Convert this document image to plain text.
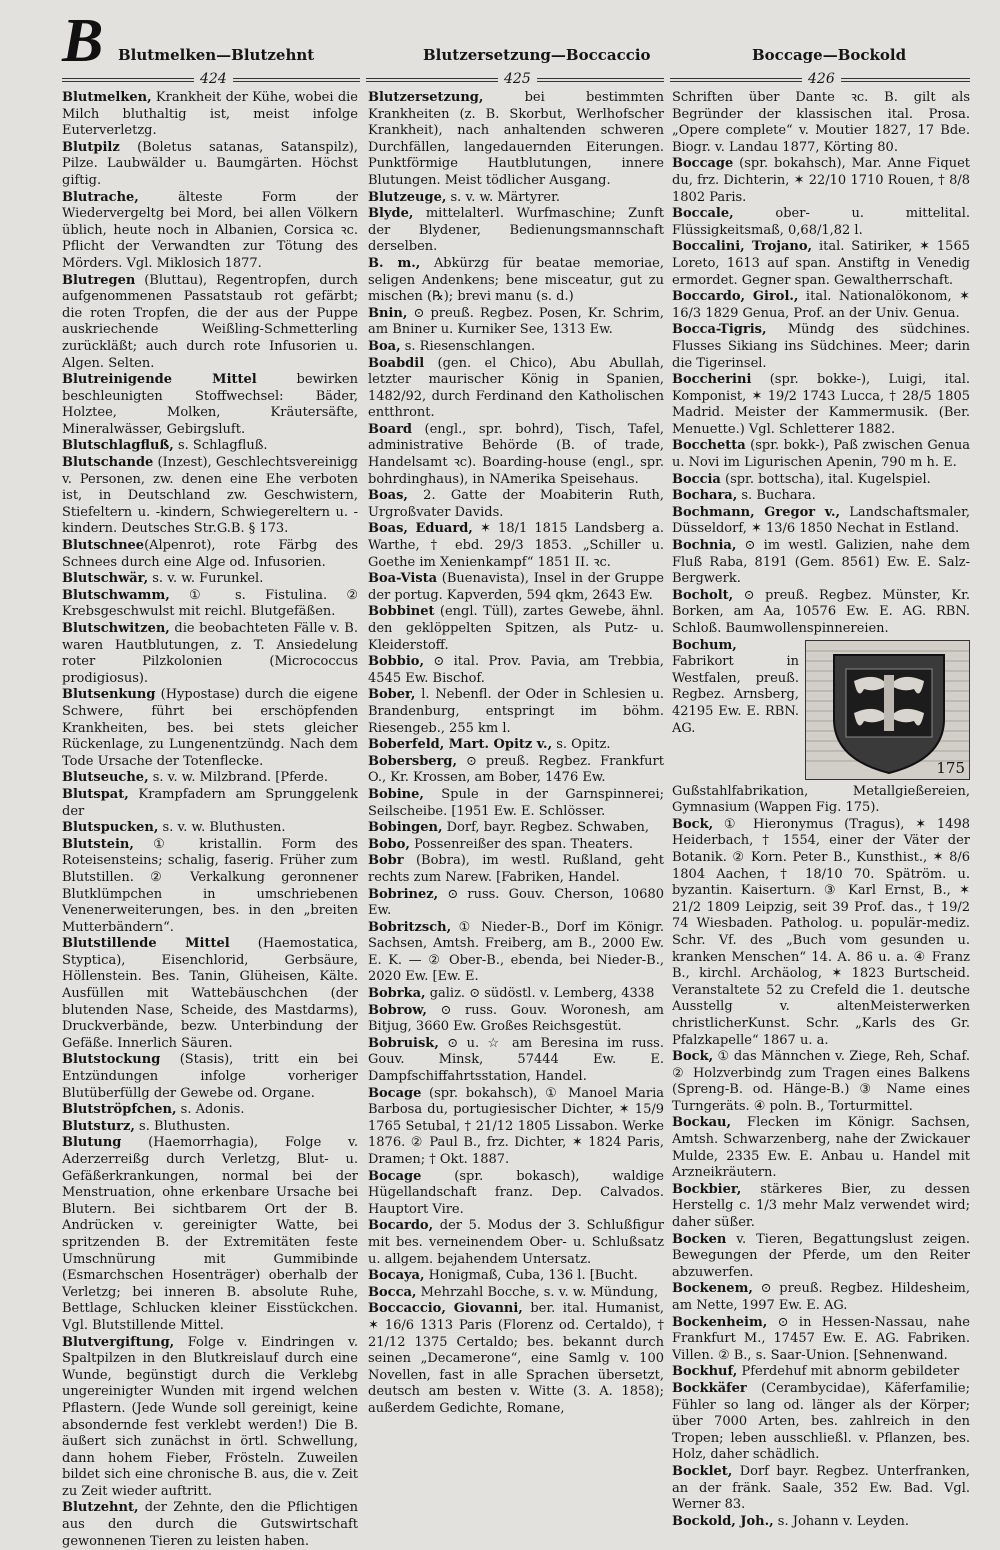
B Blutmelken—Blutzehnt	Blutzersetzung—Boccaccio	Boccage—Bockold
424	425	426

Blutmelken, Krankheit der Kühe, wobei die Milch bluthaltig ist, meist infolge Euterverletzg.

Blutpilz (Boletus satanas, Satanspilz), Pilze. Laubwälder u. Baumgärten. Höchst giftig.

Blutrache, älteste Form der Wiedervergeltg bei Mord, bei allen Völkern üblich, heute noch in Albanien, Corsica ꝛc. Pflicht der Verwandten zur Tötung des Mörders. Vgl. Miklosich 1877.

Blutregen (Bluttau), Regentropfen, durch aufgenommenen Passatstaub rot gefärbt; die roten Tropfen, die der aus der Puppe auskriechende Weißling-Schmetterling zurückläßt; auch durch rote Infusorien u. Algen. Selten.

Blutreinigende Mittel bewirken beschleunigten Stoffwechsel: Bäder, Holztee, Molken, Kräutersäfte, Mineralwässer, Gebirgsluft.

Blutschlagfluß, s. Schlagfluß.

Blutschande (Inzest), Geschlechtsvereinigg v. Personen, zw. denen eine Ehe verboten ist, in Deutschland zw. Geschwistern, Stiefeltern u. -kindern, Schwiegereltern u. -kindern. Deutsches Str.G.B. § 173.

Blutschnee(Alpenrot), rote Färbg des Schnees durch eine Alge od. Infusorien.

Blutschwär, s. v. w. Furunkel.

Blutschwamm, ① s. Fistulina. ② Krebsgeschwulst mit reichl. Blutgefäßen.

Blutschwitzen, die beobachteten Fälle v. B. waren Hautblutungen, z. T. Ansiedelung roter Pilzkolonien (Micrococcus prodigiosus).

Blutsenkung (Hypostase) durch die eigene Schwere, führt bei erschöpfenden Krankheiten, bes. bei stets gleicher Rückenlage, zu Lungenentzündg. Nach dem Tode Ursache der Totenflecke.

Blutseuche, s. v. w. Milzbrand. [Pferde.

Blutspat, Krampfadern am Sprunggelenk der

Blutspucken, s. v. w. Bluthusten.

Blutstein, ① kristallin. Form des Roteisensteins; schalig, faserig. Früher zum Blutstillen. ② Verkalkung geronnener Blutklümpchen in umschriebenen Venenerweiterungen, bes. in den „breiten Mutterbändern“.

Blutstillende Mittel (Haemostatica, Styptica), Eisenchlorid, Gerbsäure, Höllenstein. Bes. Tanin, Glüheisen, Kälte. Ausfüllen mit Wattebäuschchen (der blutenden Nase, Scheide, des Mastdarms), Druckverbände, bezw. Unterbindung der Gefäße. Innerlich Säuren.

Blutstockung (Stasis), tritt ein bei Entzündungen infolge vorheriger Blutüberfüllg der Gewebe od. Organe.

Blutströpfchen, s. Adonis.

Blutsturz, s. Bluthusten.

Blutung (Haemorrhagia), Folge v. Aderzerreißg durch Verletzg, Blut- u. Gefäßerkrankungen, normal bei der Menstruation, ohne erkenbare Ursache bei Blutern. Bei sichtbarem Ort der B. Andrücken v. gereinigter Watte, bei spritzenden B. der Extremitäten feste Umschnürung mit Gummibinde (Esmarchschen Hosenträger) oberhalb der Verletzg; bei inneren B. absolute Ruhe, Bettlage, Schlucken kleiner Eisstückchen. Vgl. Blutstillende Mittel.

Blutvergiftung, Folge v. Eindringen v. Spaltpilzen in den Blutkreislauf durch eine Wunde, begünstigt durch die Verklebg ungereinigter Wunden mit irgend welchen Pflastern. (Jede Wunde soll gereinigt, keine absondernde fest verklebt werden!) Die B. äußert sich zunächst in örtl. Schwellung, dann hohem Fieber, Frösteln. Zuweilen bildet sich eine chronische B. aus, die v. Zeit zu Zeit wieder auftritt.

Blutzehnt, der Zehnte, den die Pflichtigen aus den durch die Gutswirtschaft gewonnenen Tieren zu leisten haben.

Blutzersetzung, bei bestimmten Krankheiten (z. B. Skorbut, Werlhofscher Krankheit), nach anhaltenden schweren Durchfällen, langedauernden Eiterungen. Punktförmige Hautblutungen, innere Blutungen. Meist tödlicher Ausgang.

Blutzeuge, s. v. w. Märtyrer.

Blyde, mittelalterl. Wurfmaschine; Zunft der Blydener, Bedienungsmannschaft derselben.

B. m., Abkürzg für beatae memoriae, seligen Andenkens; bene misceatur, gut zu mischen (℞); brevi manu (s. d.)

Bnin, ⊙ preuß. Regbez. Posen, Kr. Schrim, am Bniner u. Kurniker See, 1313 Ew.

Boa, s. Riesenschlangen.

Boabdil (gen. el Chico), Abu Abullah, letzter maurischer König in Spanien, 1482/92, durch Ferdinand den Katholischen entthront.

Board (engl., spr. bohrd), Tisch, Tafel, administrative Behörde (B. of trade, Handelsamt ꝛc). Boarding-house (engl., spr. bohrdinghaus), in NAmerika Speisehaus.

Boas, 2. Gatte der Moabiterin Ruth, Urgroßvater Davids.

Boas, Eduard, ✶ 18/1 1815 Landsberg a. Warthe, † ebd. 29/3 1853. „Schiller u. Goethe im Xenienkampf“ 1851 II. ꝛc.

Boa-Vista (Buenavista), Insel in der Gruppe der portug. Kapverden, 594 qkm, 2643 Ew.

Bobbinet (engl. Tüll), zartes Gewebe, ähnl. den geklöppelten Spitzen, als Putz- u. Kleiderstoff.

Bobbio, ⊙ ital. Prov. Pavia, am Trebbia, 4545 Ew. Bischof.

Bober, l. Nebenfl. der Oder in Schlesien u. Brandenburg, entspringt im böhm. Riesengeb., 255 km l.

Boberfeld, Mart. Opitz v., s. Opitz.

Bobersberg, ⊙ preuß. Regbez. Frankfurt O., Kr. Krossen, am Bober, 1476 Ew.

Bobine, Spule in der Garnspinnerei; Seilscheibe. [1951 Ew. E. Schlösser.

Bobingen, Dorf, bayr. Regbez. Schwaben,

Bobo, Possenreißer des span. Theaters.

Bobr (Bobra), im westl. Rußland, geht rechts zum Narew. [Fabriken, Handel.

Bobrinez, ⊙ russ. Gouv. Cherson, 10680 Ew.

Bobritzsch, ① Nieder-B., Dorf im Königr. Sachsen, Amtsh. Freiberg, am B., 2000 Ew. E. K. — ② Ober-B., ebenda, bei Nieder-B., 2020 Ew. [Ew. E.

Bobrka, galiz. ⊙ südöstl. v. Lemberg, 4338

Bobrow, ⊙ russ. Gouv. Woronesh, am Bitjug, 3660 Ew. Großes Reichsgestüt.

Bobruisk, ⊙ u. ☆ am Beresina im russ. Gouv. Minsk, 57444 Ew. E. Dampfschiffahrtsstation, Handel.

Bocage (spr. bokahsch), ① Manoel Maria Barbosa du, portugiesischer Dichter, ✶ 15/9 1765 Setubal, † 21/12 1805 Lissabon. Werke 1876. ② Paul B., frz. Dichter, ✶ 1824 Paris, Dramen; † Okt. 1887.

Bocage (spr. bokasch), waldige Hügellandschaft franz. Dep. Calvados. Hauptort Vire.

Bocardo, der 5. Modus der 3. Schlußfigur mit bes. verneinendem Ober- u. Schlußsatz u. allgem. bejahendem Untersatz.

Bocaya, Honigmaß, Cuba, 136 l. [Bucht.

Bocca, Mehrzahl Bocche, s. v. w. Mündung,

Boccaccio, Giovanni, ber. ital. Humanist, ✶ 16/6 1313 Paris (Florenz od. Certaldo), † 21/12 1375 Certaldo; bes. bekannt durch seinen „Decamerone“, eine Samlg v. 100 Novellen, fast in alle Sprachen übersetzt, deutsch am besten v. Witte (3. A. 1858); außerdem Gedichte, Romane,

Schriften über Dante ꝛc. B. gilt als Begründer der klassischen ital. Prosa. „Opere complete“ v. Moutier 1827, 17 Bde. Biogr. v. Landau 1877, Körting 80.

Boccage (spr. bokahsch), Mar. Anne Fiquet du, frz. Dichterin, ✶ 22/10 1710 Rouen, † 8/8 1802 Paris.

Boccale, ober- u. mittelital. Flüssigkeitsmaß, 0,68/1,82 l.

Boccalini, Trojano, ital. Satiriker, ✶ 1565 Loreto, 1613 auf span. Anstiftg in Venedig ermordet. Gegner span. Gewaltherrschaft.

Boccardo, Girol., ital. Nationalökonom, ✶ 16/3 1829 Genua, Prof. an der Univ. Genua.

Bocca-Tigris, Mündg des südchines. Flusses Sikiang ins Südchines. Meer; darin die Tigerinsel.

Boccherini (spr. bokke-), Luigi, ital. Komponist, ✶ 19/2 1743 Lucca, † 28/5 1805 Madrid. Meister der Kammermusik. (Ber. Menuette.) Vgl. Schletterer 1882.

Bocchetta (spr. bokk-), Paß zwischen Genua u. Novi im Ligurischen Apenin, 790 m h. E.

Boccia (spr. bottscha), ital. Kugelspiel.

Bochara, s. Buchara.

Bochmann, Gregor v., Landschaftsmaler, Düsseldorf, ✶ 13/6 1850 Nechat in Estland.

Bochnia, ⊙ im westl. Galizien, nahe dem Fluß Raba, 8191 (Gem. 8561) Ew. E. Salz-Bergwerk.

Bocholt, ⊙ preuß. Regbez. Münster, Kr. Borken, am Aa, 10576 Ew. E. AG. RBN. Schloß. Baumwollenspinnereien.

175

Bochum, Fabrikort in Westfalen, preuß. Regbez. Arnsberg, 42195 Ew. E. RBN. AG. Gußstahlfabrikation, Metallgießereien, Gymnasium (Wappen Fig. 175).

Bock, ① Hieronymus (Tragus), ✶ 1498 Heiderbach, † 1554, einer der Väter der Botanik. ② Korn. Peter B., Kunsthist., ✶ 8/6 1804 Aachen, † 18/10 70. Spätröm. u. byzantin. Kaiserturn. ③ Karl Ernst, B., ✶ 21/2 1809 Leipzig, seit 39 Prof. das., † 19/2 74 Wiesbaden. Patholog. u. populär-mediz. Schr. Vf. des „Buch vom gesunden u. kranken Menschen“ 14. A. 86 u. a. ④ Franz B., kirchl. Archäolog, ✶ 1823 Burtscheid. Veranstaltete 52 zu Crefeld die 1. deutsche Ausstellg v. altenMeisterwerken christlicherKunst. Schr. „Karls des Gr. Pfalzkapelle“ 1867 u. a.

Bock, ① das Männchen v. Ziege, Reh, Schaf. ② Holzverbindg zum Tragen eines Balkens (Spreng-B. od. Hänge-B.) ③ Name eines Turngeräts. ④ poln. B., Torturmittel.

Bockau, Flecken im Königr. Sachsen, Amtsh. Schwarzenberg, nahe der Zwickauer Mulde, 2335 Ew. E. Anbau u. Handel mit Arzneikräutern.

Bockbier, stärkeres Bier, zu dessen Herstellg c. 1/3 mehr Malz verwendet wird; daher süßer.

Bocken v. Tieren, Begattungslust zeigen. Bewegungen der Pferde, um den Reiter abzuwerfen.

Bockenem, ⊙ preuß. Regbez. Hildesheim, am Nette, 1997 Ew. E. AG.

Bockenheim, ⊙ in Hessen-Nassau, nahe Frankfurt M., 17457 Ew. E. AG. Fabriken. Villen. ② B., s. Saar-Union. [Sehnenwand.

Bockhuf, Pferdehuf mit abnorm gebildeter

Bockkäfer (Cerambycidae), Käferfamilie; Fühler so lang od. länger als der Körper; über 7000 Arten, bes. zahlreich in den Tropen; leben ausschließl. v. Pflanzen, bes. Holz, daher schädlich.

Bocklet, Dorf bayr. Regbez. Unterfranken, an der fränk. Saale, 352 Ew. Bad. Vgl. Werner 83.

Bockold, Joh., s. Johann v. Leyden.
